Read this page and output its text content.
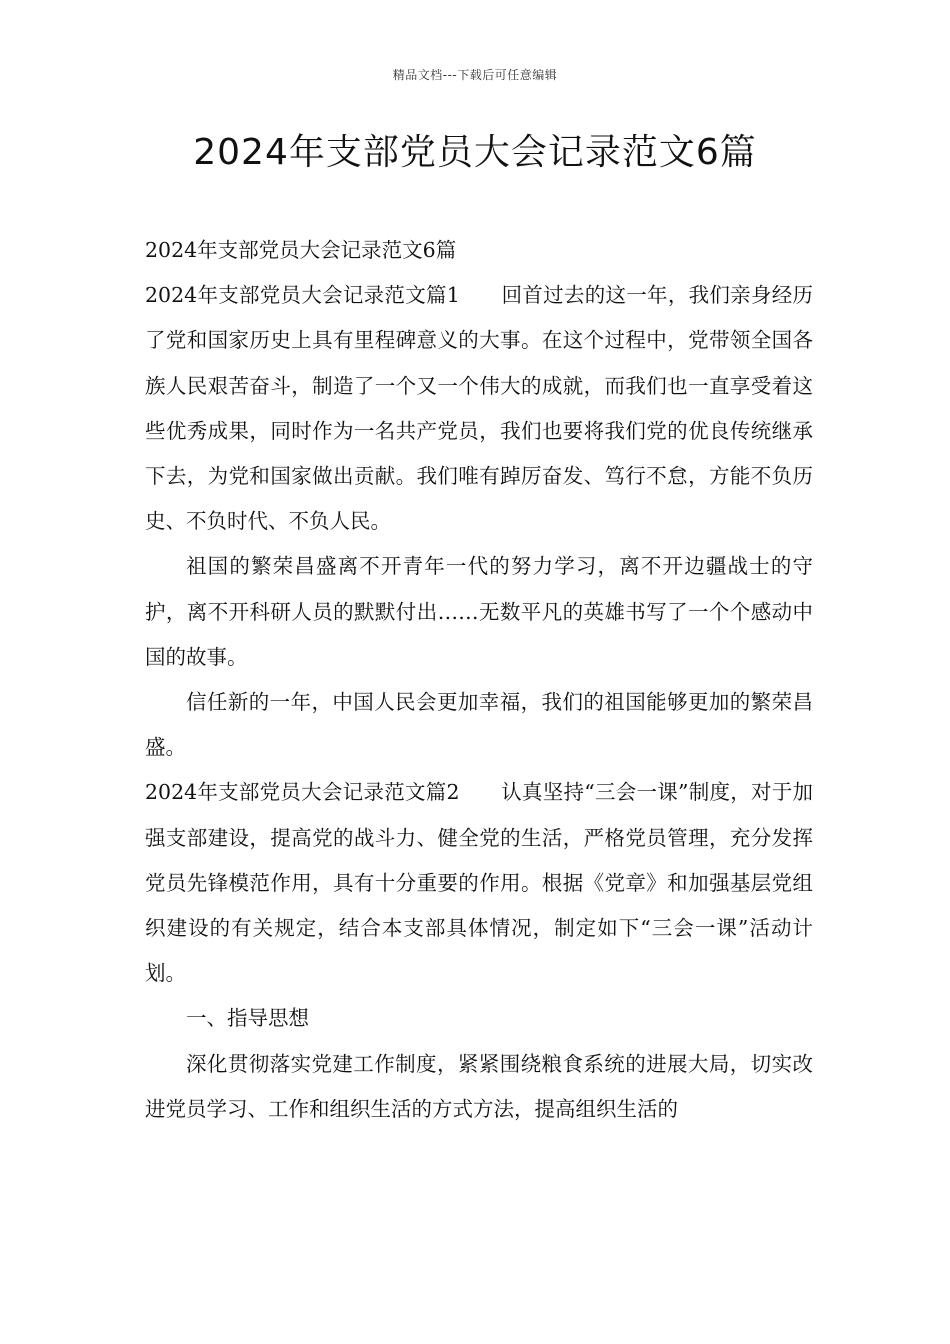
精品文档---下载后可任意编辑
2024年支部党员大会记录范文6篇

2024年支部党员大会记录范文6篇

2024年支部党员大会记录范文篇1　　回首过去的这一年，我们亲身经历了党和国家历史上具有里程碑意义的大事。在这个过程中，党带领全国各族人民艰苦奋斗，制造了一个又一个伟大的成就，而我们也一直享受着这些优秀成果，同时作为一名共产党员，我们也要将我们党的优良传统继承下去，为党和国家做出贡献。我们唯有踔厉奋发、笃行不怠，方能不负历史、不负时代、不负人民。

祖国的繁荣昌盛离不开青年一代的努力学习，离不开边疆战士的守护，离不开科研人员的默默付出……无数平凡的英雄书写了一个个感动中国的故事。

信任新的一年，中国人民会更加幸福，我们的祖国能够更加的繁荣昌盛。

2024年支部党员大会记录范文篇2　　认真坚持“三会一课”制度，对于加强支部建设，提高党的战斗力、健全党的生活，严格党员管理，充分发挥党员先锋模范作用，具有十分重要的作用。根据《党章》和加强基层党组织建设的有关规定，结合本支部具体情况，制定如下“三会一课”活动计划。

一、指导思想

深化贯彻落实党建工作制度，紧紧围绕粮食系统的进展大局，切实改进党员学习、工作和组织生活的方式方法，提高组织生活的
